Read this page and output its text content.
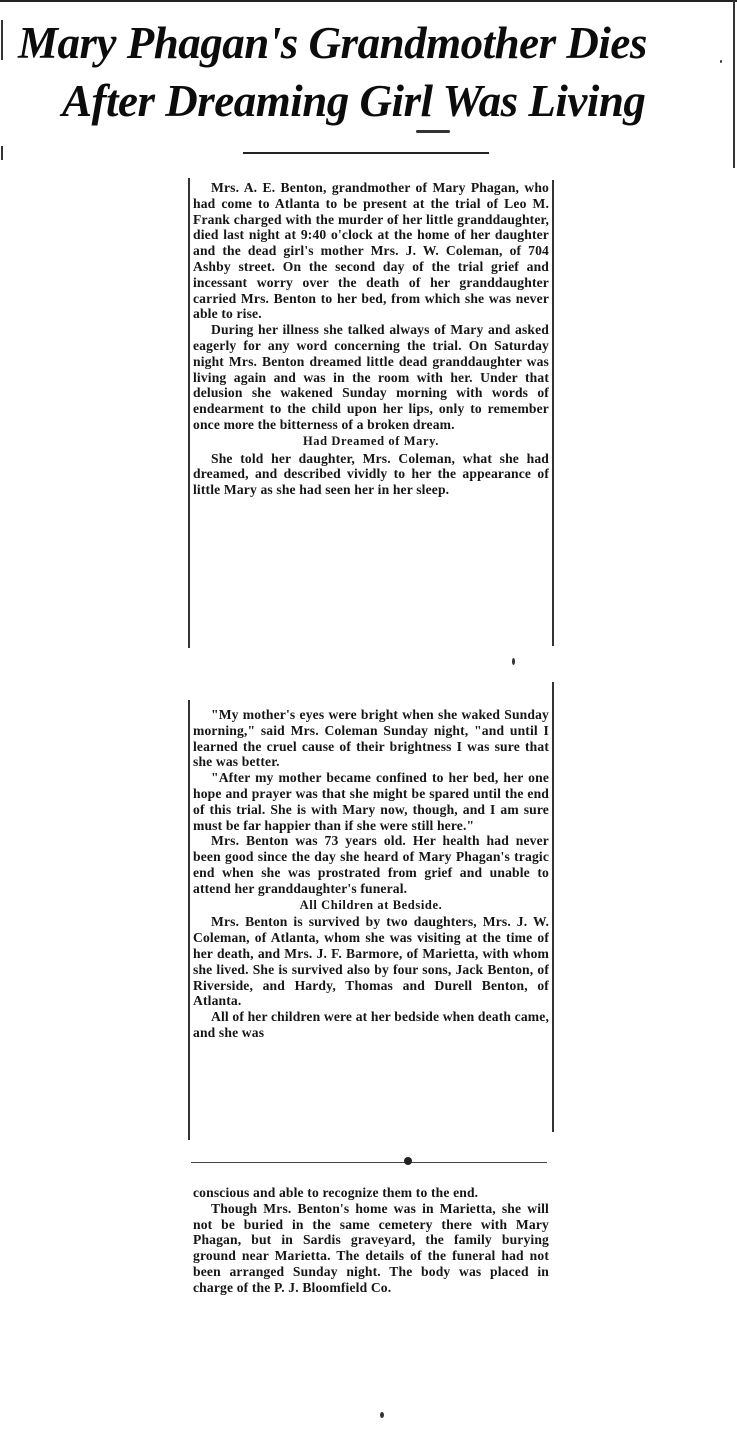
Mary Phagan's Grandmother Dies
After Dreaming Girl Was Living

Mrs. A. E. Benton, grandmother of Mary Phagan, who had come to Atlanta to be present at the trial of Leo M. Frank charged with the murder of her little granddaughter, died last night at 9:40 o'clock at the home of her daughter and the dead girl's mother Mrs. J. W. Coleman, of 704 Ashby street. On the second day of the trial grief and incessant worry over the death of her granddaughter carried Mrs. Benton to her bed, from which she was never able to rise.

During her illness she talked always of Mary and asked eagerly for any word concerning the trial. On Saturday night Mrs. Benton dreamed little dead granddaughter was living again and was in the room with her. Under that delusion she wakened Sunday morning with words of endearment to the child upon her lips, only to remember once more the bitterness of a broken dream.

Had Dreamed of Mary.

She told her daughter, Mrs. Coleman, what she had dreamed, and described vividly to her the appearance of little Mary as she had seen her in her sleep.

"My mother's eyes were bright when she waked Sunday morning," said Mrs. Coleman Sunday night, "and until I learned the cruel cause of their brightness I was sure that she was better.

"After my mother became confined to her bed, her one hope and prayer was that she might be spared until the end of this trial. She is with Mary now, though, and I am sure must be far happier than if she were still here."

Mrs. Benton was 73 years old. Her health had never been good since the day she heard of Mary Phagan's tragic end when she was prostrated from grief and unable to attend her granddaughter's funeral.

All Children at Bedside.

Mrs. Benton is survived by two daughters, Mrs. J. W. Coleman, of Atlanta, whom she was visiting at the time of her death, and Mrs. J. F. Barmore, of Marietta, with whom she lived. She is survived also by four sons, Jack Benton, of Riverside, and Hardy, Thomas and Durell Benton, of Atlanta.

All of her children were at her bedside when death came, and she was

conscious and able to recognize them to the end.

Though Mrs. Benton's home was in Marietta, she will not be buried in the same cemetery there with Mary Phagan, but in Sardis graveyard, the family burying ground near Marietta. The details of the funeral had not been arranged Sunday night. The body was placed in charge of the P. J. Bloomfield Co.
